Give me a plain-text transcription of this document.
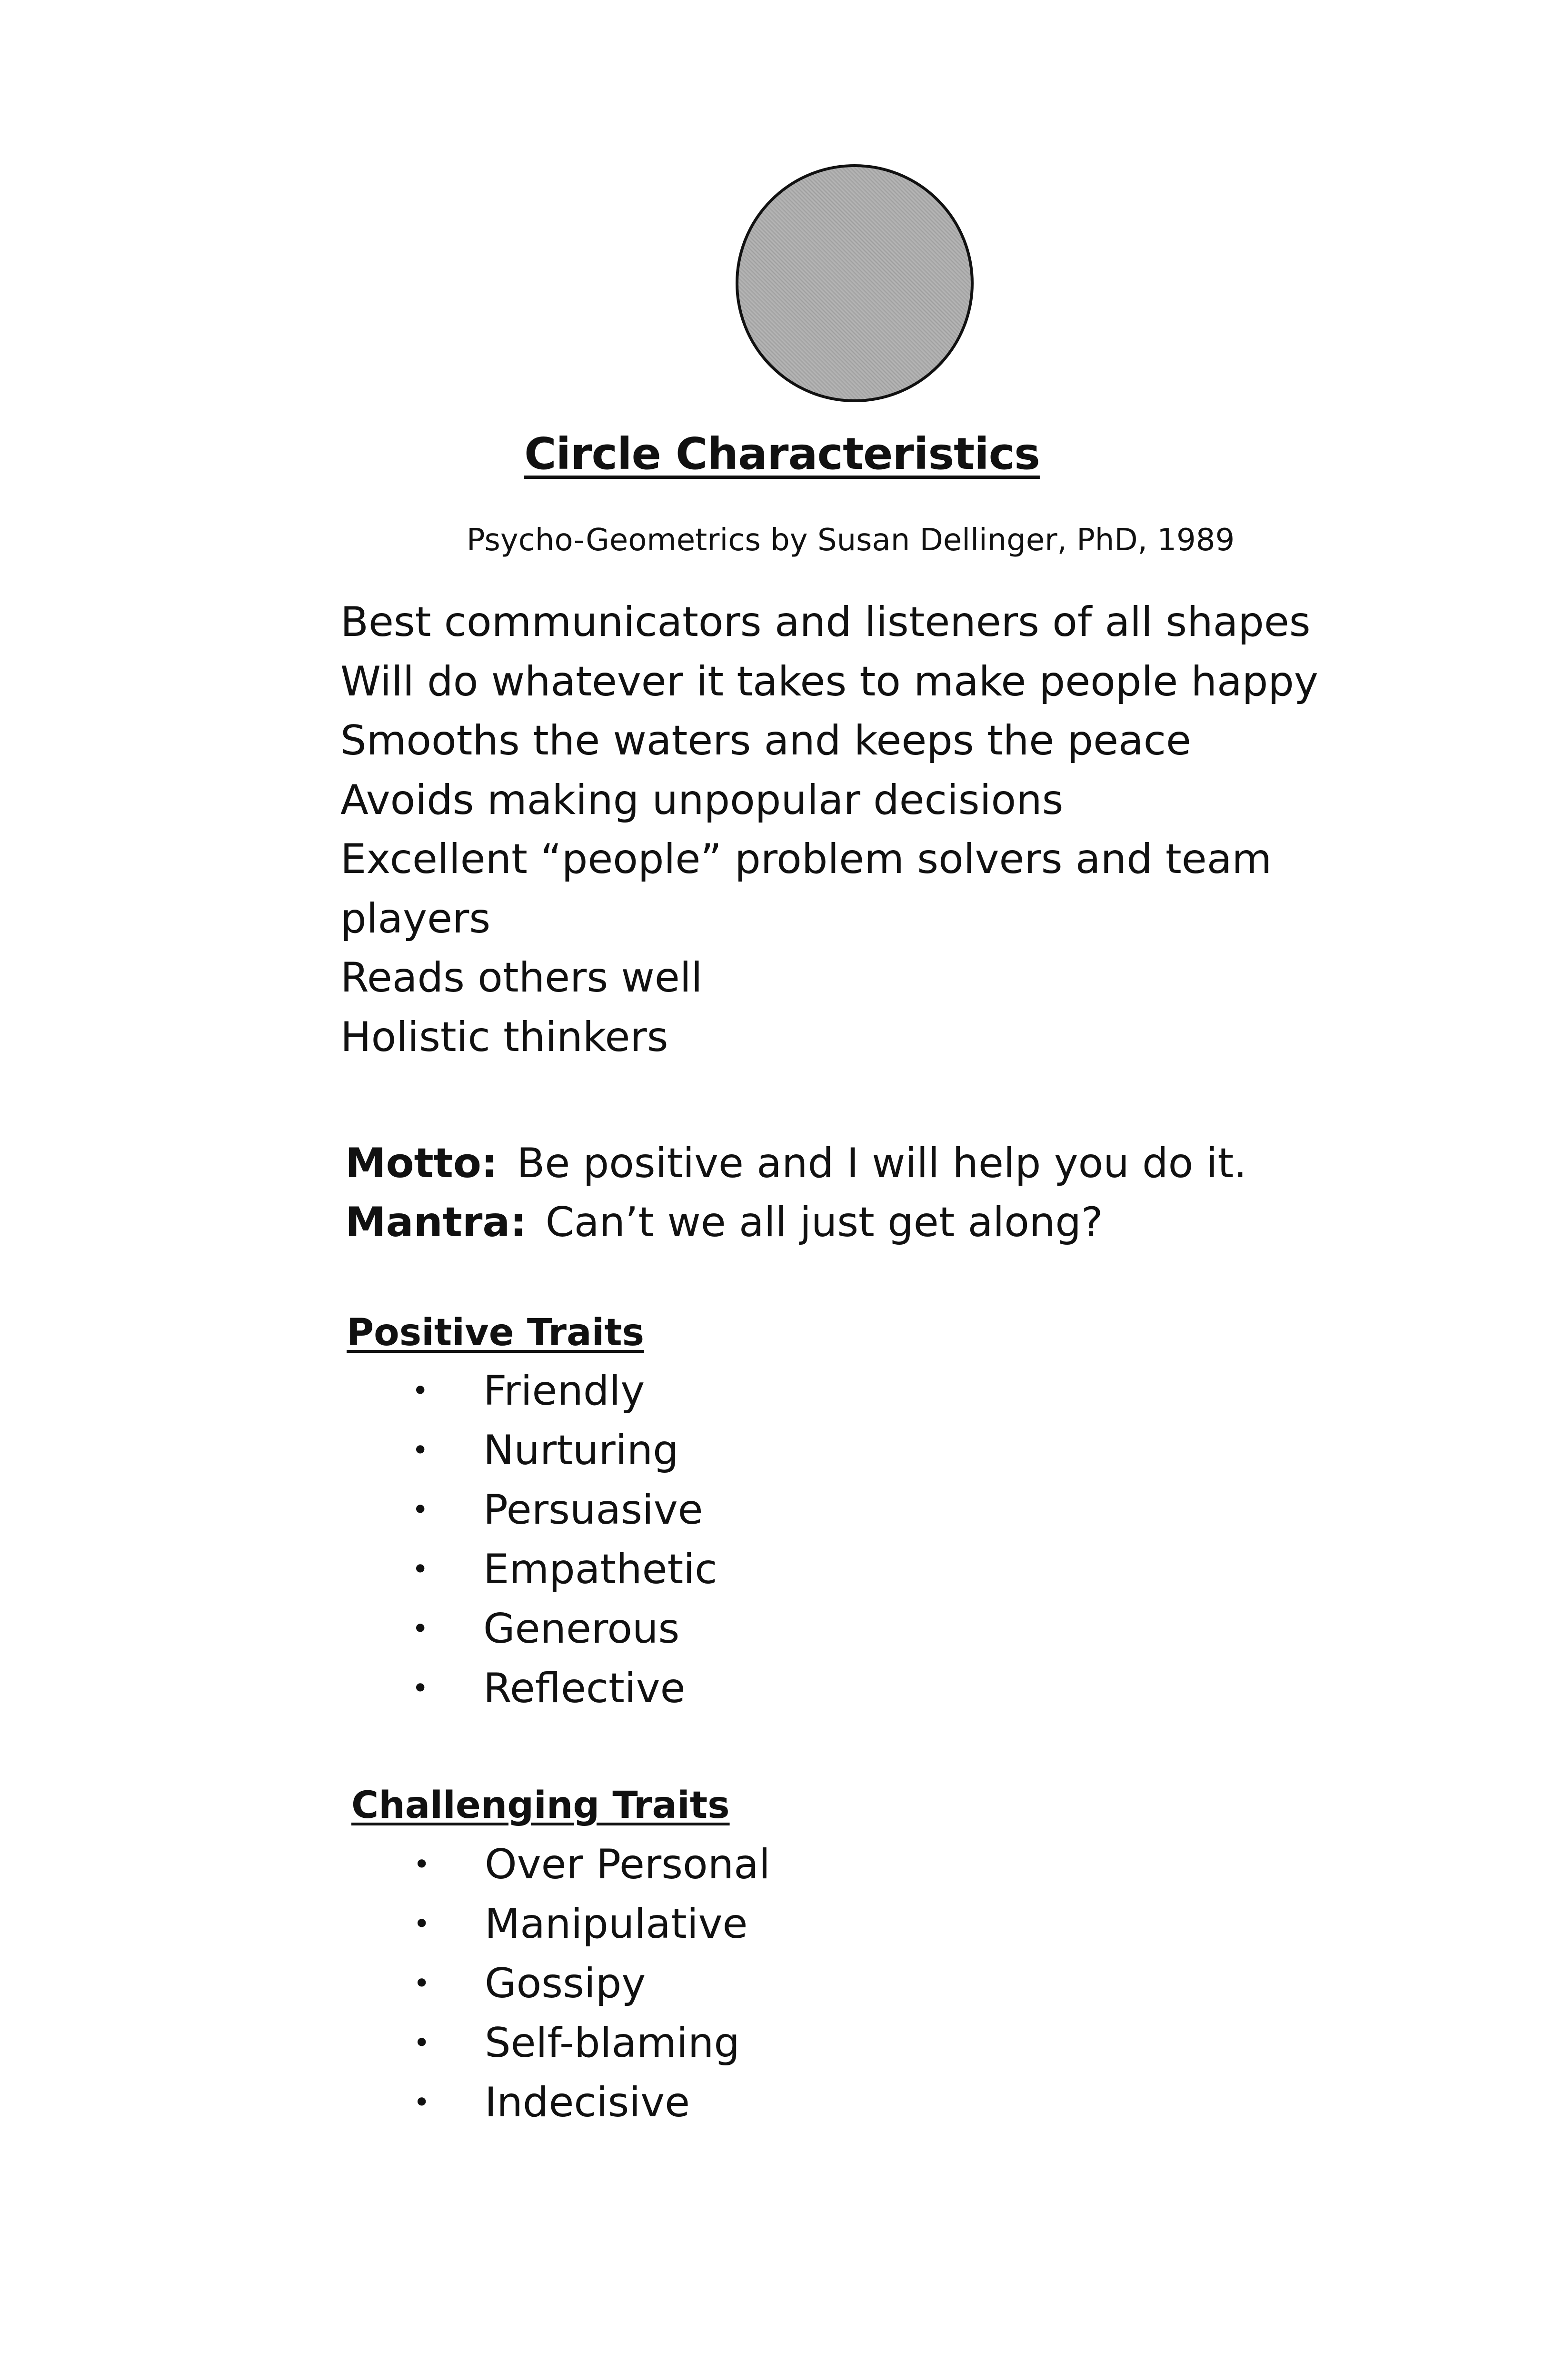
Circle Characteristics

Psycho-Geometrics by Susan Dellinger, PhD, 1989

Best communicators and listeners of all shapes
Will do whatever it takes to make people happy
Smooths the waters and keeps the peace
Avoids making unpopular decisions
Excellent “people” problem solvers and team
players
Reads others well
Holistic thinkers
Motto: Be positive and I will help you do it.
Mantra: Can’t we all just get along?
Positive Traits
•	Friendly
•	Nurturing
•	Persuasive
•	Empathetic
•	Generous
•	Reflective
Challenging Traits
•	Over Personal
•	Manipulative
•	Gossipy
•	Self-blaming
•	Indecisive
